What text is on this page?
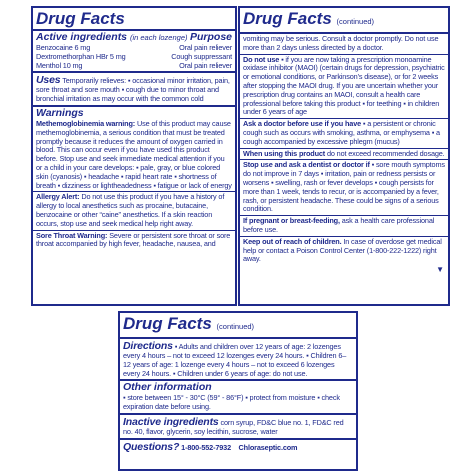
Drug Facts
Active ingredients (in each lozenge) Purpose
Benzocaine 6 mg	Oral pain reliever
Dextromethorphan HBr 5 mg	Cough suppressant
Menthol 10 mg	Oral pain reliever
Uses Temporarily relieves: ▪ occasional minor irritation, pain, sore throat and sore mouth ▪ cough due to minor throat and bronchial irritation as may occur with the common cold
Warnings
Methemoglobinemia warning: Use of this product may cause methemoglobinemia, a serious condition that must be treated promptly because it reduces the amount of oxygen carried in blood. This can occur even if you have used this product before. Stop use and seek immediate medical attention if you or a child in your care develops: ▪ pale, gray, or blue colored skin (cyanosis) ▪ headache ▪ rapid heart rate ▪ shortness of breath ▪ dizziness or lightheadedness ▪ fatigue or lack of energy
Allergy Alert: Do not use this product if you have a history of allergy to local anesthetics such as procaine, butacaine, benzocaine or other “caine” anesthetics. If a skin reaction occurs, stop use and seek medical help right away.
Sore Throat Warning: Severe or persistent sore throat or sore throat accompanied by high fever, headache, nausea, and
Drug Facts (continued)
vomiting may be serious. Consult a doctor promptly. Do not use more than 2 days unless directed by a doctor.
Do not use ▪ if you are now taking a prescription monoamine oxidase inhibitor (MAOI) (certain drugs for depression, psychiatric or emotional conditions, or Parkinson’s disease), or for 2 weeks after stopping the MAOI drug. If you are uncertain whether your prescription drug contains an MAOI, consult a health care professional before taking this product ▪ for teething ▪ in children under 6 years of age
Ask a doctor before use if you have ▪ a persistent or chronic cough such as occurs with smoking, asthma, or emphysema ▪ a cough accompanied by excessive phlegm (mucus)
When using this product do not exceed recommended dosage.
Stop use and ask a dentist or doctor if ▪ sore mouth symptoms do not improve in 7 days ▪ irritation, pain or redness persists or worsens ▪ swelling, rash or fever develops ▪ cough persists for more than 1 week, tends to recur, or is accompanied by a fever, rash, or persistent headache. These could be signs of a serious condition.
If pregnant or breast-feeding, ask a health care professional before use.
Keep out of reach of children. In case of overdose get medical help or contact a Poison Control Center (1-800-222-1222) right away.
▼
Drug Facts (continued)
Directions ▪ Adults and children over 12 years of age: 2 lozenges every 4 hours – not to exceed 12 lozenges every 24 hours. ▪ Children 6–12 years of age: 1 lozenge every 4 hours – not to exceed 6 lozenges every 24 hours. ▪ Children under 6 years of age: do not use.
Other information
▪ store between 15° - 30°C (59° - 86°F) ▪ protect from moisture ▪ check expiration date before using.
Inactive ingredients corn syrup, FD&C blue no. 1, FD&C red no. 40, flavor, glycerin, soy lecithin, sucrose, water
Questions? 1-800-552-7932 Chloraseptic.com
